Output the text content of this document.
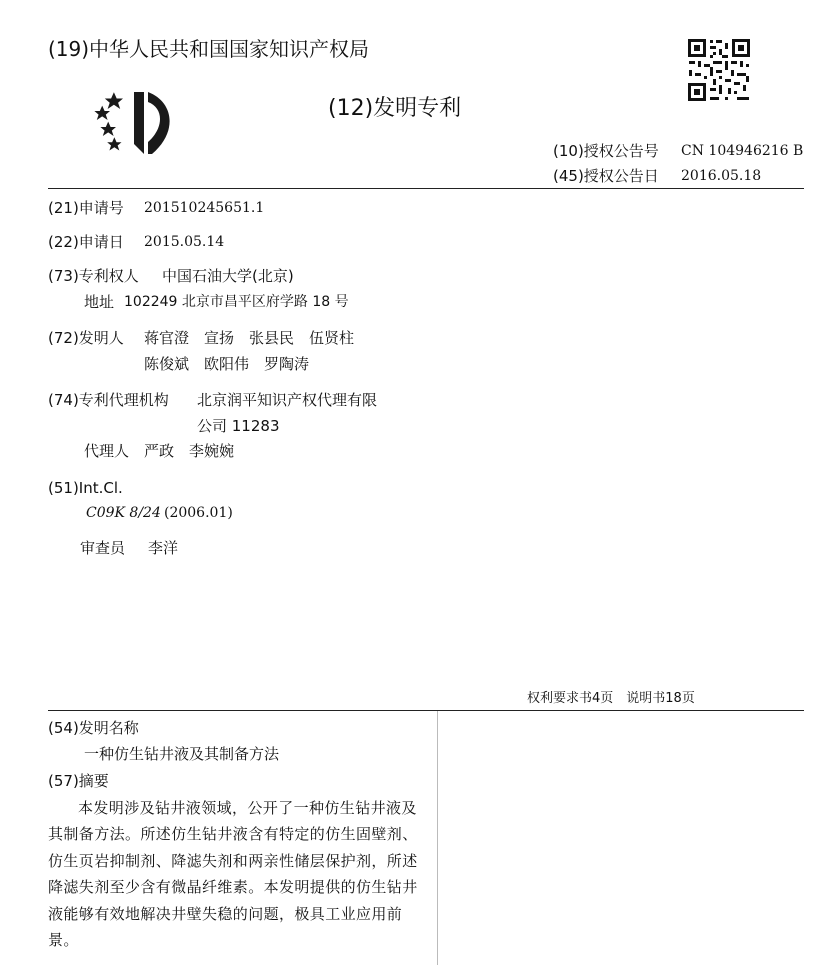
(19)中华人民共和国国家知识产权局
(12)发明专利
(10)授权公告号 CN 104946216 B
(45)授权公告日 2016.05.18
(21)申请号 201510245651.1
(22)申请日 2015.05.14
(73)专利权人 中国石油大学(北京)
地址 102249 北京市昌平区府学路 18 号
(72)发明人 蒋官澄　宣扬　张县民　伍贤柱
陈俊斌　欧阳伟　罗陶涛
(74)专利代理机构 北京润平知识产权代理有限
公司 11283
代理人 严政　李婉婉
(51)Int.Cl.
C09K 8/24 (2006.01)
审查员 李洋
权利要求书4页　说明书18页
(54)发明名称
一种仿生钻井液及其制备方法
(57)摘要

本发明涉及钻井液领域，公开了一种仿生钻井液及其制备方法。所述仿生钻井液含有特定的仿生固壁剂、仿生页岩抑制剂、降滤失剂和两亲性储层保护剂，所述降滤失剂至少含有微晶纤维素。本发明提供的仿生钻井液能够有效地解决井壁失稳的问题，极具工业应用前景。
